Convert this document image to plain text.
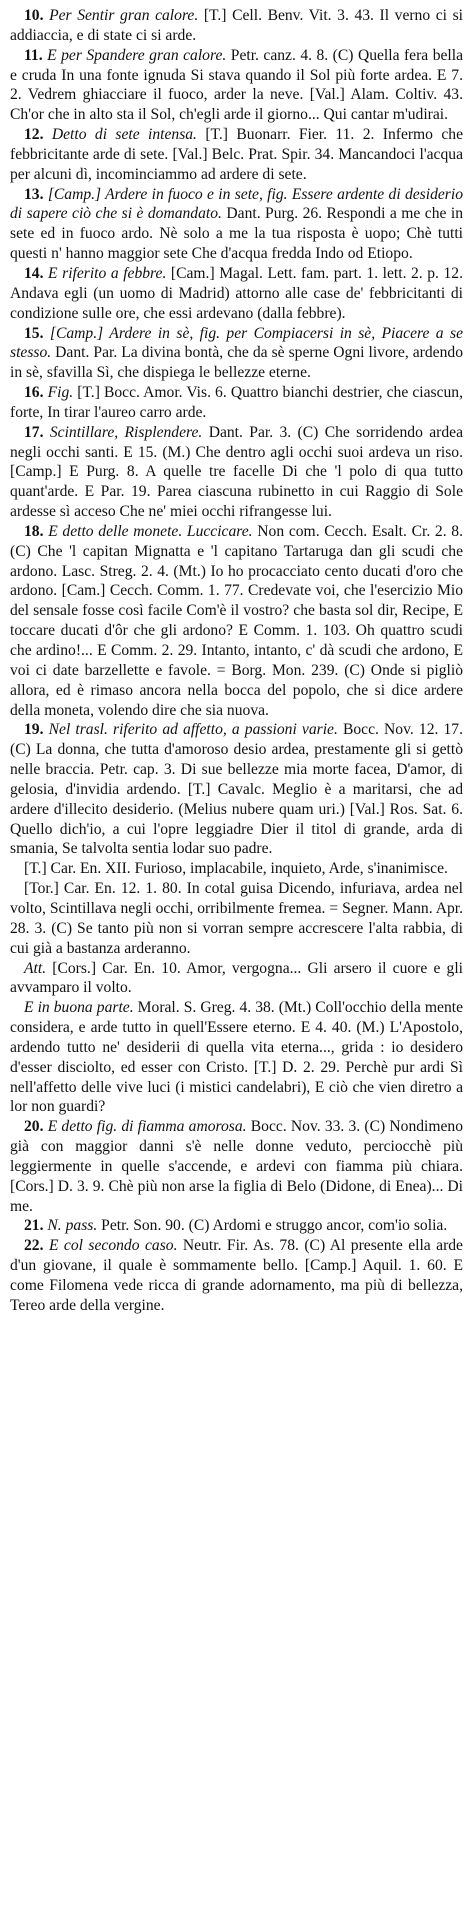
10. Per Sentir gran calore. [T.] Cell. Benv. Vit. 3. 43. Il verno ci si addiaccia, e di state ci si arde.

11. E per Spandere gran calore. Petr. canz. 4. 8. (C) Quella fera bella e cruda In una fonte ignuda Si stava quando il Sol più forte ardea. E 7. 2. Vedrem ghiacciare il fuoco, arder la neve. [Val.] Alam. Coltiv. 43. Ch'or che in alto sta il Sol, ch'egli arde il giorno... Qui cantar m'udirai.

12. Detto di sete intensa. [T.] Buonarr. Fier. 11. 2. Infermo che febbricitante arde di sete. [Val.] Belc. Prat. Spir. 34. Mancandoci l'acqua per alcuni dì, incominciammo ad ardere di sete.

13. [Camp.] Ardere in fuoco e in sete, fig. Essere ardente di desiderio di sapere ciò che si è domandato. Dant. Purg. 26. Respondi a me che in sete ed in fuoco ardo. Nè solo a me la tua risposta è uopo; Chè tutti questi n' hanno maggior sete Che d'acqua fredda Indo od Etiopo.

14. E riferito a febbre. [Cam.] Magal. Lett. fam. part. 1. lett. 2. p. 12. Andava egli (un uomo di Madrid) attorno alle case de' febbricitanti di condizione sulle ore, che essi ardevano (dalla febbre).

15. [Camp.] Ardere in sè, fig. per Compiacersi in sè, Piacere a se stesso. Dant. Par. La divina bontà, che da sè sperne Ogni livore, ardendo in sè, sfavilla Sì, che dispiega le bellezze eterne.

16. Fig. [T.] Bocc. Amor. Vis. 6. Quattro bianchi destrier, che ciascun, forte, In tirar l'aureo carro arde.

17. Scintillare, Risplendere. Dant. Par. 3. (C) Che sorridendo ardea negli occhi santi. E 15. (M.) Che dentro agli occhi suoi ardeva un riso. [Camp.] E Purg. 8. A quelle tre facelle Di che 'l polo di qua tutto quant'arde. E Par. 19. Parea ciascuna rubinetto in cui Raggio di Sole ardesse sì acceso Che ne' miei occhi rifrangesse lui.

18. E detto delle monete. Luccicare. Non com. Cecch. Esalt. Cr. 2. 8. (C) Che 'l capitan Mignatta e 'l capitano Tartaruga dan gli scudi che ardono. Lasc. Streg. 2. 4. (Mt.) Io ho procacciato cento ducati d'oro che ardono. [Cam.] Cecch. Comm. 1. 77. Credevate voi, che l'esercizio Mio del sensale fosse così facile Com'è il vostro? che basta sol dir, Recipe, E toccare ducati d'ôr che gli ardono? E Comm. 1. 103. Oh quattro scudi che ardino!... E Comm. 2. 29. Intanto, intanto, c' dà scudi che ardono, E voi ci date barzellette e favole. = Borg. Mon. 239. (C) Onde si pigliò allora, ed è rimaso ancora nella bocca del popolo, che si dice ardere della moneta, volendo dire che sia nuova.

19. Nel trasl. riferito ad affetto, a passioni varie. Bocc. Nov. 12. 17. (C) La donna, che tutta d'amoroso desio ardea, prestamente gli si gettò nelle braccia. Petr. cap. 3. Di sue bellezze mia morte facea, D'amor, di gelosia, d'invidia ardendo. [T.] Cavalc. Meglio è a maritarsi, che ad ardere d'illecito desiderio. (Melius nubere quam uri.) [Val.] Ros. Sat. 6. Quello dich'io, a cui l'opre leggiadre Dier il titol di grande, arda di smania, Se talvolta sentia lodar suo padre.

[T.] Car. En. XII. Furioso, implacabile, inquieto, Arde, s'inanimisce.

[Tor.] Car. En. 12. 1. 80. In cotal guisa Dicendo, infuriava, ardea nel volto, Scintillava negli occhi, orribilmente fremea. = Segner. Mann. Apr. 28. 3. (C) Se tanto più non si vorran sempre accrescere l'alta rabbia, di cui già a bastanza arderanno.

Att. [Cors.] Car. En. 10. Amor, vergogna... Gli arsero il cuore e gli avvamparo il volto.

E in buona parte. Moral. S. Greg. 4. 38. (Mt.) Coll'occhio della mente considera, e arde tutto in quell'Essere eterno. E 4. 40. (M.) L'Apostolo, ardendo tutto ne' desiderii di quella vita eterna..., grida : io desidero d'esser disciolto, ed esser con Cristo. [T.] D. 2. 29. Perchè pur ardi Sì nell'affetto delle vive luci (i mistici candelabri), E ciò che vien diretro a lor non guardi?

20. E detto fig. di fiamma amorosa. Bocc. Nov. 33. 3. (C) Nondimeno già con maggior danni s'è nelle donne veduto, perciocchè più leggiermente in quelle s'accende, e ardevi con fiamma più chiara. [Cors.] D. 3. 9. Chè più non arse la figlia di Belo (Didone, di Enea)... Di me.

21. N. pass. Petr. Son. 90. (C) Ardomi e struggo ancor, com'io solia.

22. E col secondo caso. Neutr. Fir. As. 78. (C) Al presente ella arde d'un giovane, il quale è sommamente bello. [Camp.] Aquil. 1. 60. E come Filomena vede ricca di grande adornamento, ma più di bellezza, Tereo arde della vergine.
